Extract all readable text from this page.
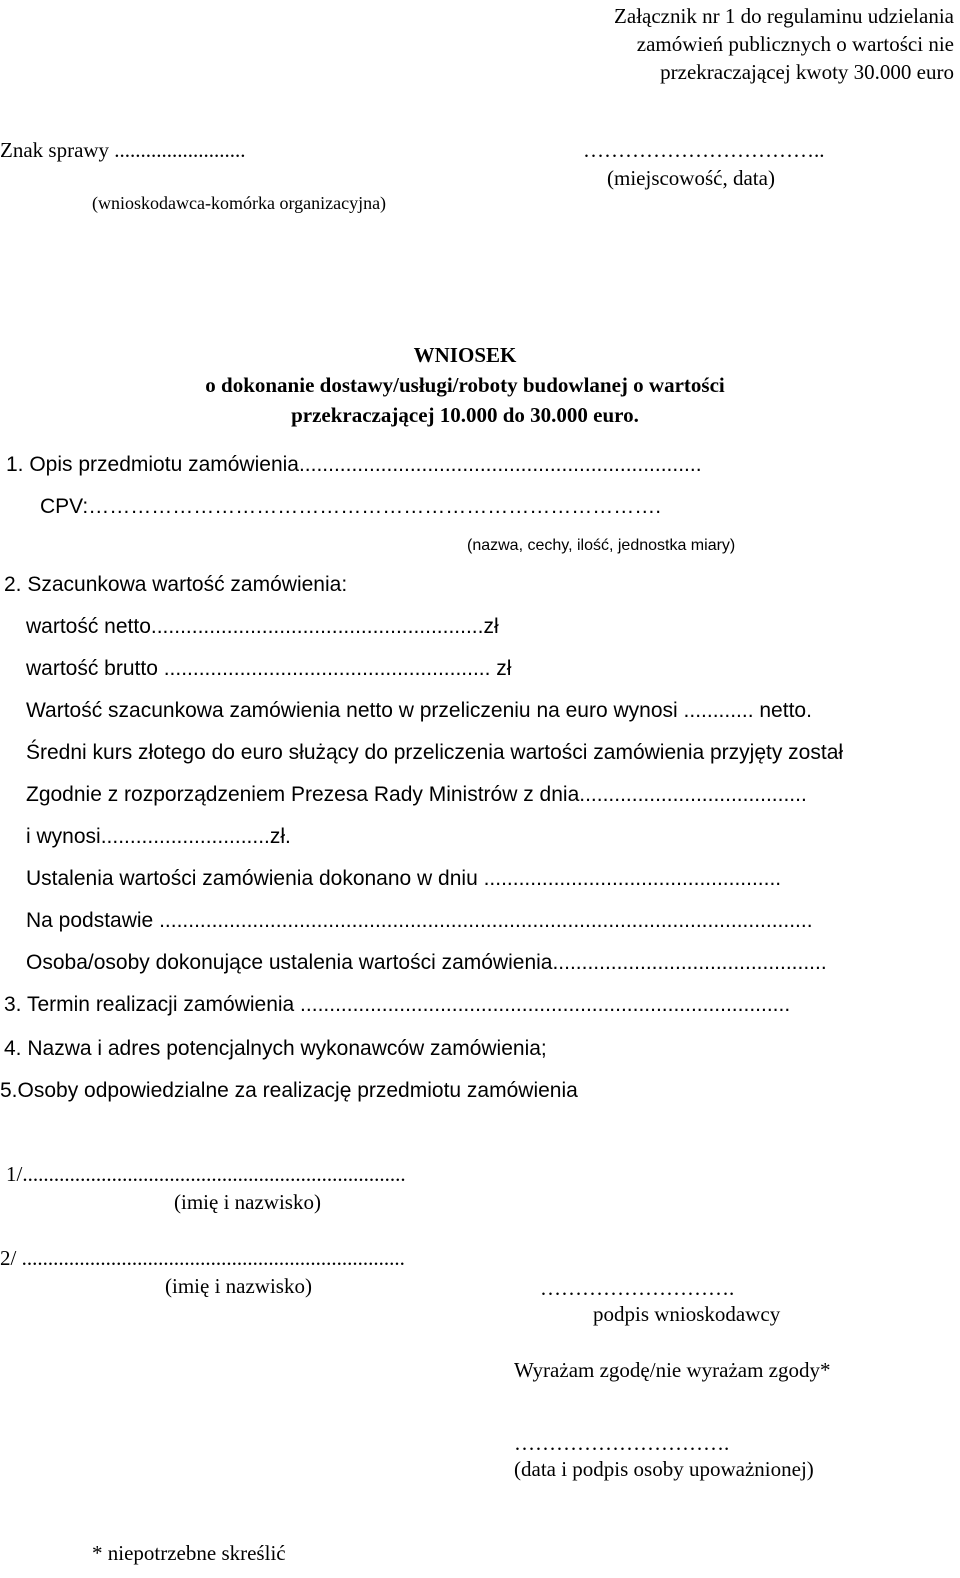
Załącznik nr 1 do regulaminu udzielania
zamówień publicznych o wartości nie
przekraczającej kwoty 30.000 euro
Znak sprawy .........................
(wnioskodawca-komórka organizacyjna)
……………………………..
(miejscowość, data)
WNIOSEK
o dokonanie dostawy/usługi/roboty budowlanej o wartości
przekraczającej 10.000 do 30.000 euro.
1. Opis przedmiotu zamówienia.....................................................................
CPV:……………………………………………………………………….
(nazwa, cechy, ilość, jednostka miary)
2. Szacunkowa wartość zamówienia:
wartość netto.........................................................zł
wartość brutto ........................................................ zł
Wartość szacunkowa zamówienia netto w przeliczeniu na euro wynosi ............ netto.
Średni kurs złotego do euro służący do przeliczenia wartości zamówienia przyjęty został
Zgodnie z rozporządzeniem Prezesa Rady Ministrów z dnia.......................................
i wynosi.............................zł.
Ustalenia wartości zamówienia dokonano w dniu ...................................................
Na podstawie ................................................................................................................
Osoba/osoby dokonujące ustalenia wartości zamówienia...............................................
3. Termin realizacji zamówienia ....................................................................................
4. Nazwa i adres potencjalnych wykonawców zamówienia;
5.Osoby odpowiedzialne za realizację przedmiotu zamówienia
1/.........................................................................
(imię i nazwisko)
2/ .........................................................................
(imię i nazwisko)	……………………….
podpis wnioskodawcy
Wyrażam zgodę/nie wyrażam zgody*
………………………….
(data i podpis osoby upoważnionej)
* niepotrzebne skreślić
